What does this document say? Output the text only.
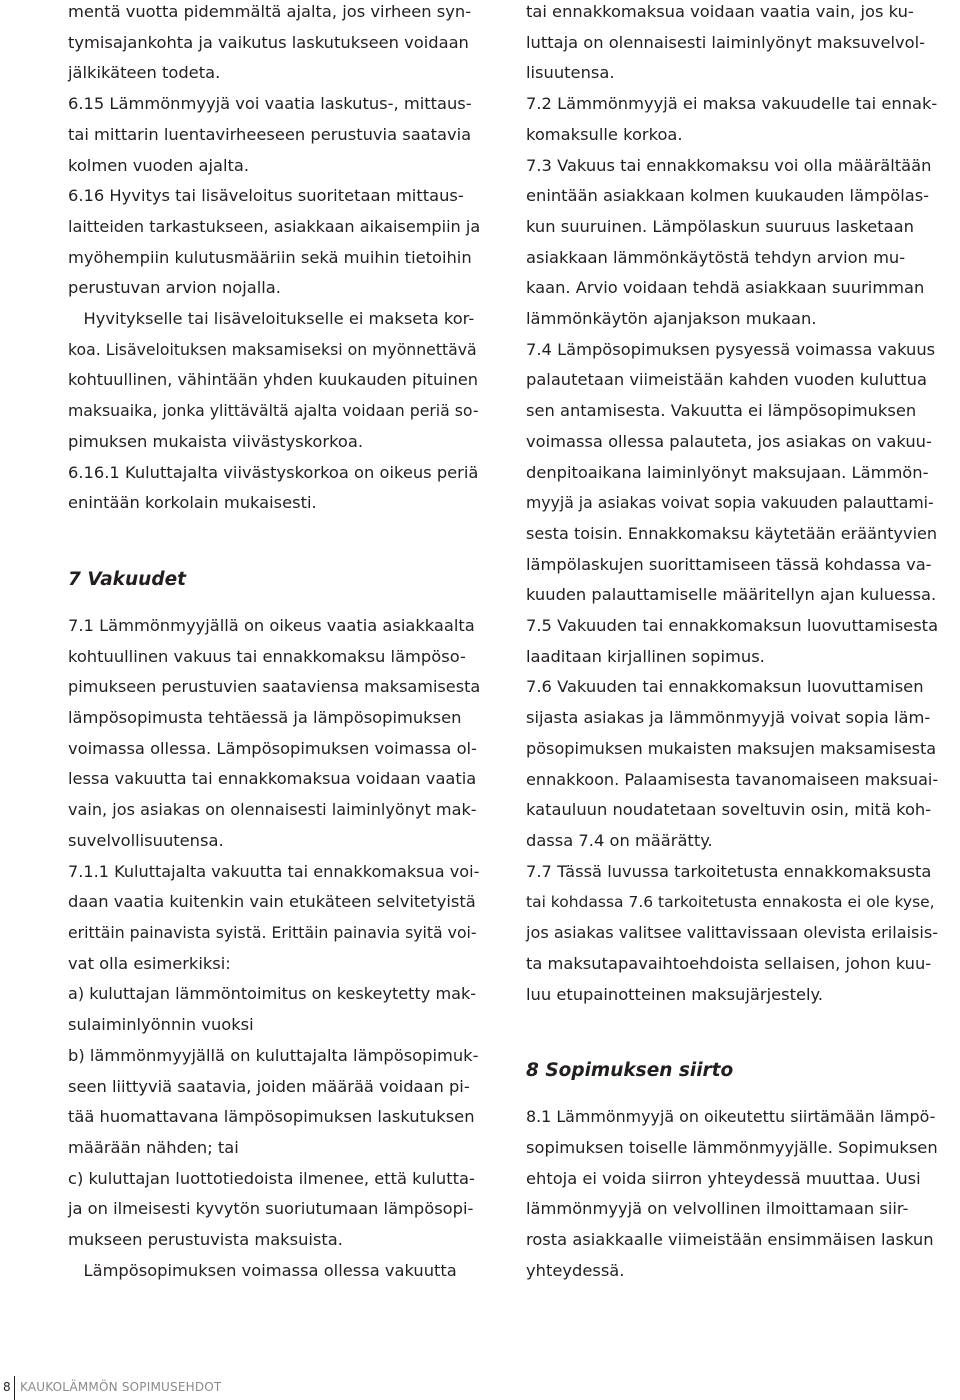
mentä vuotta pidemmältä ajalta, jos virheen syn-
tymisajankohta ja vaikutus laskutukseen voidaan
jälkikäteen todeta.
6.15 Lämmönmyyjä voi vaatia laskutus-, mittaus-
tai mittarin luentavirheeseen perustuvia saatavia
kolmen vuoden ajalta.
6.16 Hyvitys tai lisäveloitus suoritetaan mittaus-
laitteiden tarkastukseen, asiakkaan aikaisempiin ja
myöhempiin kulutusmääriin sekä muihin tietoihin
perustuvan arvion nojalla.
Hyvitykselle tai lisäveloitukselle ei makseta kor-
koa. Lisäveloituksen maksamiseksi on myönnettävä
kohtuullinen, vähintään yhden kuukauden pituinen
maksuaika, jonka ylittävältä ajalta voidaan periä so-
pimuksen mukaista viivästyskorkoa.
6.16.1 Kuluttajalta viivästyskorkoa on oikeus periä
enintään korkolain mukaisesti.
7 Vakuudet
7.1 Lämmönmyyjällä on oikeus vaatia asiakkaalta
kohtuullinen vakuus tai ennakkomaksu lämpöso-
pimukseen perustuvien saataviensa maksamisesta
lämpösopimusta tehtäessä ja lämpösopimuksen
voimassa ollessa. Lämpösopimuksen voimassa ol-
lessa vakuutta tai ennakkomaksua voidaan vaatia
vain, jos asiakas on olennaisesti laiminlyönyt mak-
suvelvollisuutensa.
7.1.1 Kuluttajalta vakuutta tai ennakkomaksua voi-
daan vaatia kuitenkin vain etukäteen selvitetyistä
erittäin painavista syistä. Erittäin painavia syitä voi-
vat olla esimerkiksi:
a) kuluttajan lämmöntoimitus on keskeytetty mak-
sulaiminlyönnin vuoksi
b) lämmönmyyjällä on kuluttajalta lämpösopimuk-
seen liittyviä saatavia, joiden määrää voidaan pi-
tää huomattavana lämpösopimuksen laskutuksen
määrään nähden; tai
c) kuluttajan luottotiedoista ilmenee, että kulutta-
ja on ilmeisesti kyvytön suoriutumaan lämpösopi-
mukseen perustuvista maksuista.
Lämpösopimuksen voimassa ollessa vakuutta
tai ennakkomaksua voidaan vaatia vain, jos ku-
luttaja on olennaisesti laiminlyönyt maksuvelvol-
lisuutensa.
7.2 Lämmönmyyjä ei maksa vakuudelle tai ennak-
komaksulle korkoa.
7.3 Vakuus tai ennakkomaksu voi olla määrältään
enintään asiakkaan kolmen kuukauden lämpölas-
kun suuruinen. Lämpölaskun suuruus lasketaan
asiakkaan lämmönkäytöstä tehdyn arvion mu-
kaan. Arvio voidaan tehdä asiakkaan suurimman
lämmönkäytön ajanjakson mukaan.
7.4 Lämpösopimuksen pysyessä voimassa vakuus
palautetaan viimeistään kahden vuoden kuluttua
sen antamisesta. Vakuutta ei lämpösopimuksen
voimassa ollessa palauteta, jos asiakas on vakuu-
denpitoaikana laiminlyönyt maksujaan. Lämmön-
myyjä ja asiakas voivat sopia vakuuden palauttami-
sesta toisin. Ennakkomaksu käytetään erääntyvien
lämpölaskujen suorittamiseen tässä kohdassa va-
kuuden palauttamiselle määritellyn ajan kuluessa.
7.5 Vakuuden tai ennakkomaksun luovuttamisesta
laaditaan kirjallinen sopimus.
7.6 Vakuuden tai ennakkomaksun luovuttamisen
sijasta asiakas ja lämmönmyyjä voivat sopia läm-
pösopimuksen mukaisten maksujen maksamisesta
ennakkoon. Palaamisesta tavanomaiseen maksuai-
katauluun noudatetaan soveltuvin osin, mitä koh-
dassa 7.4 on määrätty.
7.7 Tässä luvussa tarkoitetusta ennakkomaksusta
tai kohdassa 7.6 tarkoitetusta ennakosta ei ole kyse,
jos asiakas valitsee valittavissaan olevista erilaisis-
ta maksutapavaihtoehdoista sellaisen, johon kuu-
luu etupainotteinen maksujärjestely.
8 Sopimuksen siirto
8.1 Lämmönmyyjä on oikeutettu siirtämään lämpö-
sopimuksen toiselle lämmönmyyjälle. Sopimuksen
ehtoja ei voida siirron yhteydessä muuttaa. Uusi
lämmönmyyjä on velvollinen ilmoittamaan siir-
rosta asiakkaalle viimeistään ensimmäisen laskun
yhteydessä.
8 KAUKOLÄMMÖN SOPIMUSEHDOT
